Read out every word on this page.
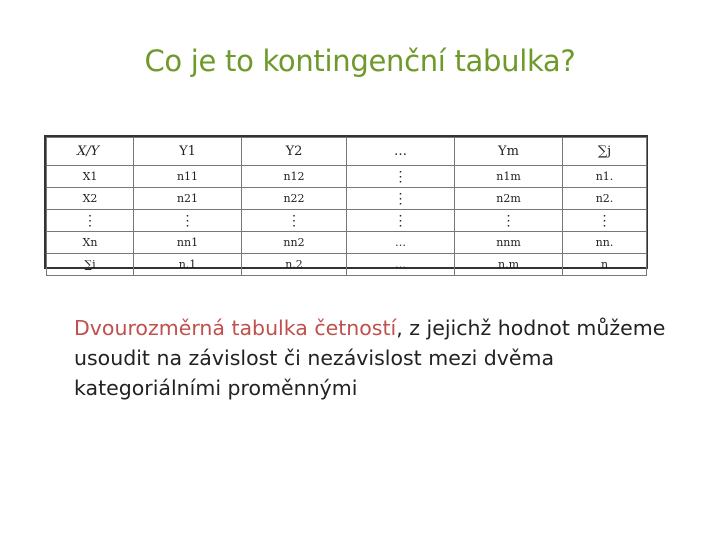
Co je to kontingenční tabulka?
X/Y	Y1	Y2	…	Ym	∑j
X1	n11	n12	⋮	n1m	n1.
X2	n21	n22	⋮	n2m	n2.
⋮	⋮	⋮	⋮	⋮	⋮
Xn	nn1	nn2	…	nnm	nn.
∑i	n.1	n.2	…	n.m	n
Dvourozměrná tabulka četností, z jejichž hodnot můžeme usoudit na závislost či nezávislost mezi dvěma kategoriálními proměnnými
